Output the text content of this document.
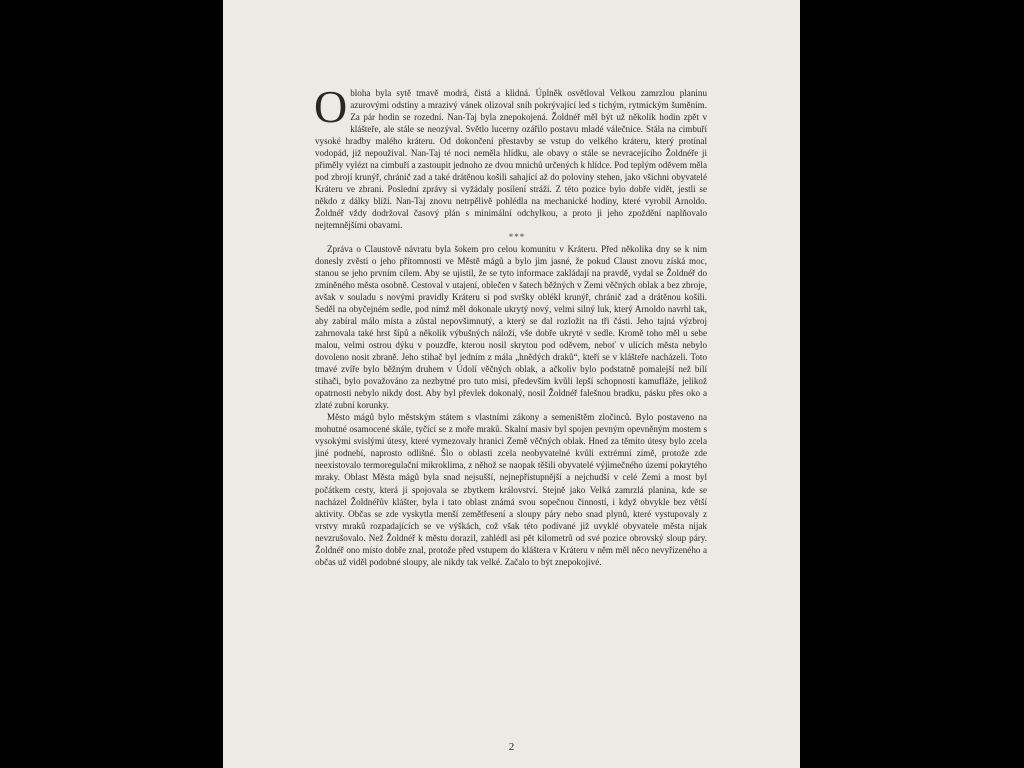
Obloha byla sytě tmavě modrá, čistá a klidná. Úplněk osvětloval Velkou zamrzlou planinu azurovými odstíny a mrazivý vánek olizoval sníh pokrývající led s tichým, rytmickým šuměním. Za pár hodin se rozední. Nan-Taj byla znepokojená. Žoldnéř měl být už několik hodin zpět v klášteře, ale stále se neozýval. Světlo lucerny ozářilo postavu mladé válečnice. Stála na cimbuří vysoké hradby malého kráteru. Od dokončení přestavby se vstup do velkého kráteru, který protínal vodopád, již nepoužíval. Nan-Taj té noci neměla hlídku, ale obavy o stále se nevracejícího Žoldnéře ji přiměly vylézt na cimbuří a zastoupit jednoho ze dvou mnichů určených k hlídce. Pod teplým oděvem měla pod zbrojí krunýř, chránič zad a také drátěnou košili sahající až do poloviny stehen, jako všichni obyvatelé Kráteru ve zbrani. Poslední zprávy si vyžádaly posílení stráží. Z této pozice bylo dobře vidět, jestli se někdo z dálky blíží. Nan-Taj znovu netrpělivě pohlédla na mechanické hodiny, které vyrobil Arnoldo. Žoldnéř vždy dodržoval časový plán s minimální odchylkou, a proto ji jeho zpoždění naplňovalo nejtemnějšími obavami.

***

Zpráva o Claustově návratu byla šokem pro celou komunitu v Kráteru. Před několika dny se k nim donesly zvěsti o jeho přítomnosti ve Městě mágů a bylo jim jasné, že pokud Claust znovu získá moc, stanou se jeho prvním cílem. Aby se ujistil, že se tyto informace zakládají na pravdě, vydal se Žoldnéř do zmíněného města osobně. Cestoval v utajení, oblečen v šatech běžných v Zemi věčných oblak a bez zbroje, avšak v souladu s novými pravidly Kráteru si pod svršky oblékl krunýř, chránič zad a drátěnou košili. Seděl na obyčejném sedle, pod nímž měl dokonale ukrytý nový, velmi silný luk, který Arnoldo navrhl tak, aby zabíral málo místa a zůstal nepovšimnutý, a který se dal rozložit na tři části. Jeho tajná výzbroj zahrnovala také hrst šípů a několik výbušných náloží, vše dobře ukryté v sedle. Kromě toho měl u sebe malou, velmi ostrou dýku v pouzdře, kterou nosil skrytou pod oděvem, neboť v ulicích města nebylo dovoleno nosit zbraně. Jeho stihač byl jedním z mála „hnědých draků“, kteří se v klášteře nacházeli. Toto tmavé zvíře bylo běžným druhem v Údolí věčných oblak, a ačkoliv bylo podstatně pomalejší než bílí stihači, bylo považováno za nezbytné pro tuto misi, především kvůli lepší schopnosti kamufláže, jelikož opatrnosti nebylo nikdy dost. Aby byl převlek dokonalý, nosil Žoldnéř falešnou bradku, pásku přes oko a zlaté zubní korunky.

Město mágů bylo městským státem s vlastními zákony a semeništěm zločinců. Bylo postaveno na mohutné osamocené skále, tyčící se z moře mraků. Skalní masiv byl spojen pevným opevněným mostem s vysokými svislými útesy, které vymezovaly hranici Země věčných oblak. Hned za těmito útesy bylo zcela jiné podnebí, naprosto odlišné. Šlo o oblasti zcela neobyvatelné kvůli extrémní zimě, protože zde neexistovalo termoregulační mikroklima, z něhož se naopak těšili obyvatelé výjimečného území pokrytého mraky. Oblast Města mágů byla snad nejsušší, nejnepřístupnější a nejchudší v celé Zemi a most byl počátkem cesty, která ji spojovala se zbytkem království. Stejně jako Velká zamrzlá planina, kde se nacházel Žoldnéřův klášter, byla i tato oblast známá svou sopečnou činností, i když obvykle bez větší aktivity. Občas se zde vyskytla menší zemětřesení a sloupy páry nebo snad plynů, které vystupovaly z vrstvy mraků rozpadajících se ve výškách, což však této podívané již uvyklé obyvatele města nijak nevzrušovalo. Než Žoldnéř k městu dorazil, zahlédl asi pět kilometrů od své pozice obrovský sloup páry. Žoldnéř ono místo dobře znal, protože před vstupem do kláštera v Kráteru v něm měl něco nevyřízeného a občas už viděl podobné sloupy, ale nikdy tak velké. Začalo to být znepokojivé.

2
